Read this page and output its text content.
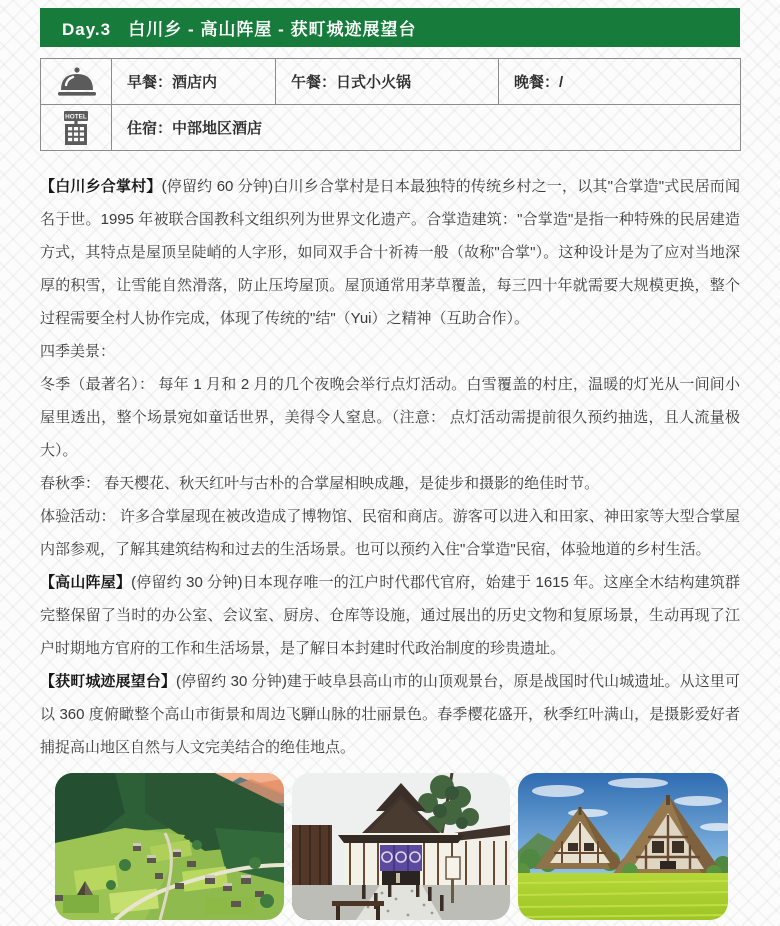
Day.3   白川乡 - 高山阵屋 - 获町城迹展望台
	早餐：酒店内	午餐：日式小火锅	晚餐：/

HOTEL	住宿：中部地区酒店		

【白川乡合掌村】(停留约 60 分钟)白川乡合掌村是日本最独特的传统乡村之一，以其"合掌造"式民居而闻名于世。1995 年被联合国教科文组织列为世界文化遗产。合掌造建筑："合掌造"是指一种特殊的民居建造方式，其特点是屋顶呈陡峭的人字形，如同双手合十祈祷一般（故称"合掌"）。这种设计是为了应对当地深厚的积雪，让雪能自然滑落，防止压垮屋顶。屋顶通常用茅草覆盖，每三四十年就需要大规模更换，整个过程需要全村人协作完成，体现了传统的"结"（Yui）之精神（互助合作）。

四季美景：

冬季（最著名）： 每年 1 月和 2 月的几个夜晚会举行点灯活动。白雪覆盖的村庄，温暖的灯光从一间间小屋里透出，整个场景宛如童话世界，美得令人窒息。（注意： 点灯活动需提前很久预约抽选，且人流量极大）。

春秋季： 春天樱花、秋天红叶与古朴的合掌屋相映成趣，是徒步和摄影的绝佳时节。

体验活动： 许多合掌屋现在被改造成了博物馆、民宿和商店。游客可以进入和田家、神田家等大型合掌屋内部参观，了解其建筑结构和过去的生活场景。也可以预约入住"合掌造"民宿，体验地道的乡村生活。

【高山阵屋】(停留约 30 分钟)日本现存唯一的江户时代郡代官府，始建于 1615 年。这座全木结构建筑群完整保留了当时的办公室、会议室、厨房、仓库等设施，通过展出的历史文物和复原场景，生动再现了江户时期地方官府的工作和生活场景，是了解日本封建时代政治制度的珍贵遗址。

【获町城迹展望台】(停留约 30 分钟)建于岐阜县高山市的山顶观景台，原是战国时代山城遗址。从这里可以 360 度俯瞰整个高山市街景和周边飞騨山脉的壮丽景色。春季樱花盛开，秋季红叶满山，是摄影爱好者捕捉高山地区自然与人文完美结合的绝佳地点。
